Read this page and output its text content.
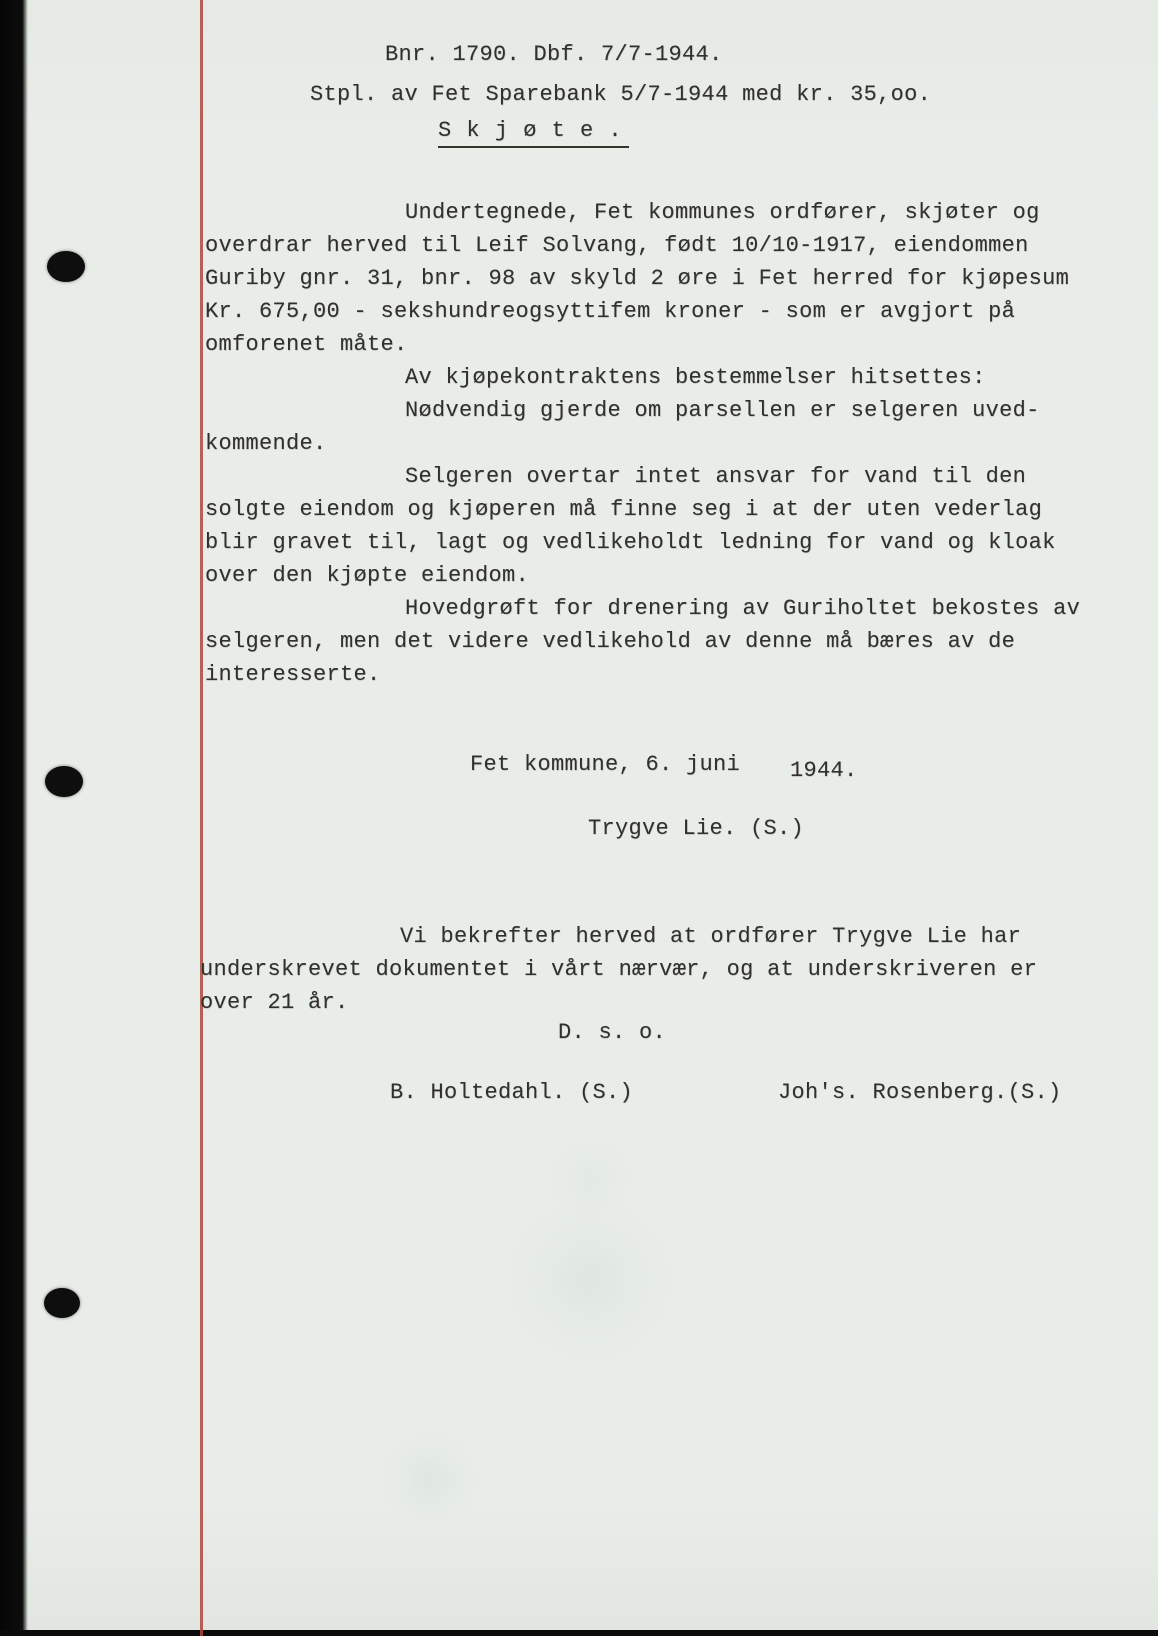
Bnr. 1790. Dbf. 7/7-1944.
Stpl. av Fet Sparebank 5/7-1944 med kr. 35,oo.
S k j ø t e .
Undertegnede, Fet kommunes ordfører, skjøter og
overdrar herved til Leif Solvang, født 10/10-1917, eiendommen
Guriby gnr. 31, bnr. 98 av skyld 2 øre i Fet herred for kjøpesum
Kr. 675,00 - sekshundreogsyttifem kroner - som er avgjort på
omforenet måte.
Av kjøpekontraktens bestemmelser hitsettes:
Nødvendig gjerde om parsellen er selgeren uved-
kommende.
Selgeren overtar intet ansvar for vand til den
solgte eiendom og kjøperen må finne seg i at der uten vederlag
blir gravet til, lagt og vedlikeholdt ledning for vand og kloak
over den kjøpte eiendom.
Hovedgrøft for drenering av Guriholtet bekostes av
selgeren, men det videre vedlikehold av denne må bæres av de
interesserte.
Fet kommune, 6. juni 1944.
Trygve Lie. (S.)
Vi bekrefter herved at ordfører Trygve Lie har
underskrevet dokumentet i vårt nærvær, og at underskriveren er
over 21 år.
D. s. o.
B. Holtedahl. (S.)	Joh's. Rosenberg.(S.)
